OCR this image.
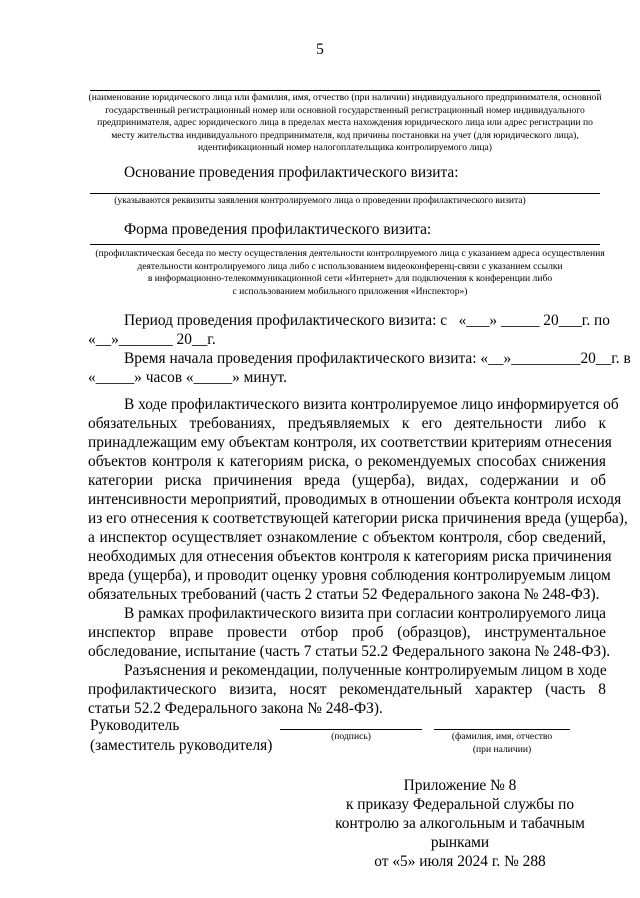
5
(наименование юридического лица или фамилия, имя, отчество (при наличии) индивидуального предпринимателя, основной
государственный регистрационный номер или основной государственный регистрационный номер индивидуального
предпринимателя, адрес юридического лица в пределах места нахождения юридического лица или адрес регистрации по
месту жительства индивидуального предпринимателя, код причины постановки на учет (для юридического лица),
идентификационный номер налогоплательщика контролируемого лица)
Основание проведения профилактического визита:
(указываются реквизиты заявления контролируемого лица о проведении профилактического визита)
Форма проведения профилактического визита:
(профилактическая беседа по месту осуществления деятельности контролируемого лица с указанием адреса осуществления
деятельности контролируемого лица либо с использованием видеоконференц-связи с указанием ссылки
в информационно-телекоммуникационной сети «Интернет» для подключения к конференции либо
с использованием мобильного приложения «Инспектор»)
Период проведения профилактического визита: с «___» _____ 20___г. по
«__»_______ 20__г.
Время начала проведения профилактического визита: «__»_________20__г. в
«_____» часов «_____» минут.
В ходе профилактического визита контролируемое лицо информируется об
обязательных требованиях, предъявляемых к его деятельности либо к
принадлежащим ему объектам контроля, их соответствии критериям отнесения
объектов контроля к категориям риска, о рекомендуемых способах снижения
категории риска причинения вреда (ущерба), видах, содержании и об
интенсивности мероприятий, проводимых в отношении объекта контроля исходя
из его отнесения к соответствующей категории риска причинения вреда (ущерба),
а инспектор осуществляет ознакомление с объектом контроля, сбор сведений,
необходимых для отнесения объектов контроля к категориям риска причинения
вреда (ущерба), и проводит оценку уровня соблюдения контролируемым лицом
обязательных требований (часть 2 статьи 52 Федерального закона № 248-ФЗ).
В рамках профилактического визита при согласии контролируемого лица
инспектор вправе провести отбор проб (образцов), инструментальное
обследование, испытание (часть 7 статьи 52.2 Федерального закона № 248-ФЗ).
Разъяснения и рекомендации, полученные контролируемым лицом в ходе
профилактического визита, носят рекомендательный характер (часть 8
статьи 52.2 Федерального закона № 248-ФЗ).
Руководитель
(заместитель руководителя)
(подпись)	(фамилия, имя, отчество
(при наличии)
Приложение № 8
к приказу Федеральной службы по
контролю за алкогольным и табачным
рынками
от «5» июля 2024 г. № 288
